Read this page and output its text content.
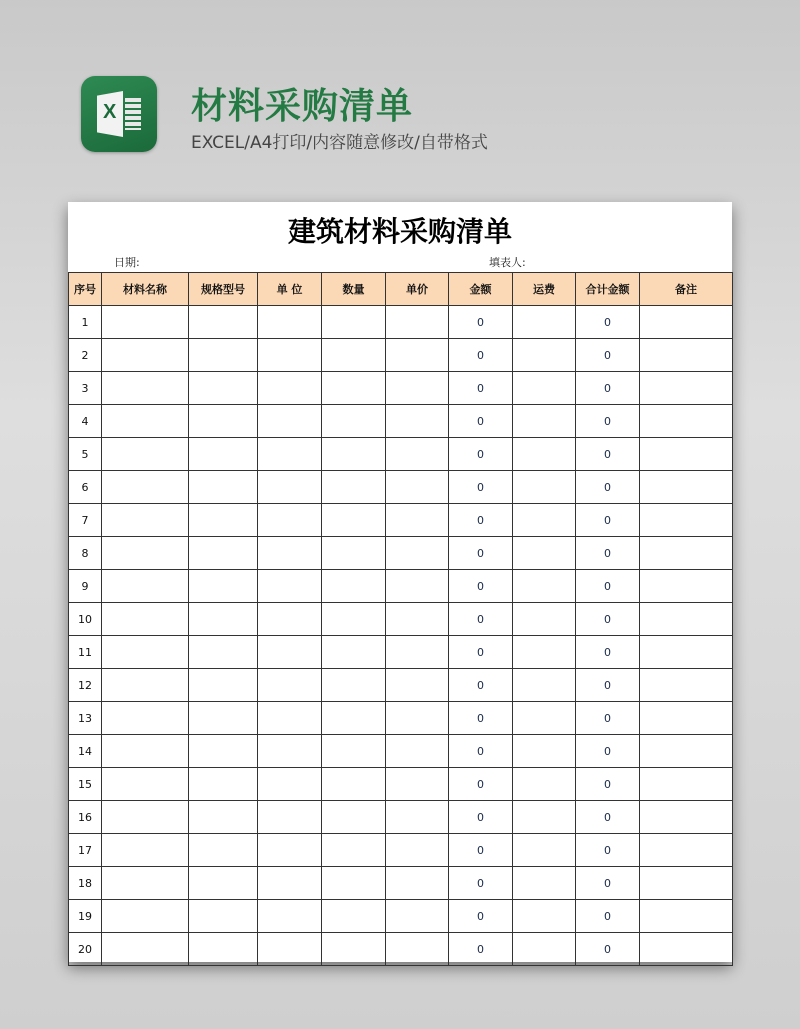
X 材料采购清单
EXCEL/A4打印/内容随意修改/自带格式
建筑材料采购清单
日期:	填表人:
序号	材料名称	规格型号	单 位	数量	单价	金额	运费	合计金额	备注
1						0		0	
2						0		0	
3						0		0	
4						0		0	
5						0		0	
6						0		0	
7						0		0	
8						0		0	
9						0		0	
10						0		0	
11						0		0	
12						0		0	
13						0		0	
14						0		0	
15						0		0	
16						0		0	
17						0		0	
18						0		0	
19						0		0	
20						0		0	
